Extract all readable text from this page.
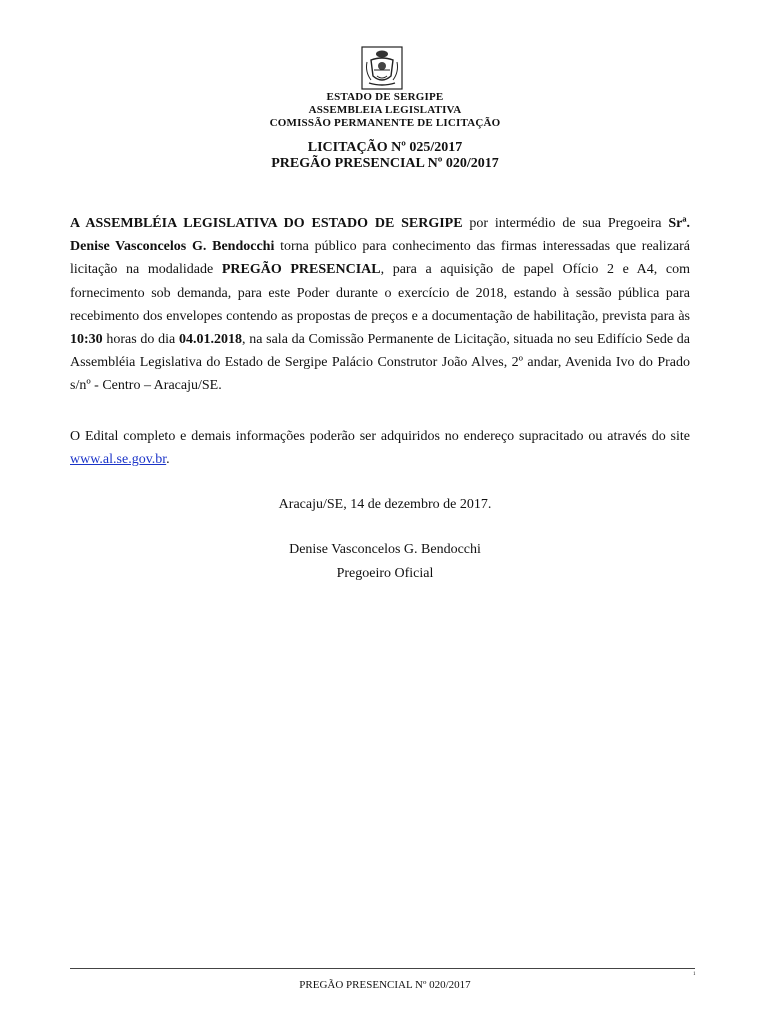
ESTADO DE SERGIPE
ASSEMBLEIA LEGISLATIVA
COMISSÃO PERMANENTE DE LICITAÇÃO
LICITAÇÃO Nº 025/2017
PREGÃO PRESENCIAL Nº 020/2017
A ASSEMBLÉIA LEGISLATIVA DO ESTADO DE SERGIPE por intermédio de sua Pregoeira Srª. Denise Vasconcelos G. Bendocchi torna público para conhecimento das firmas interessadas que realizará licitação na modalidade PREGÃO PRESENCIAL, para a aquisição de papel Ofício 2 e A4, com fornecimento sob demanda, para este Poder durante o exercício de 2018, estando à sessão pública para recebimento dos envelopes contendo as propostas de preços e a documentação de habilitação, prevista para às 10:30 horas do dia 04.01.2018, na sala da Comissão Permanente de Licitação, situada no seu Edifício Sede da Assembléia Legislativa do Estado de Sergipe Palácio Construtor João Alves, 2º andar, Avenida Ivo do Prado s/nº - Centro – Aracaju/SE.
O Edital completo e demais informações poderão ser adquiridos no endereço supracitado ou através do site www.al.se.gov.br.
Aracaju/SE, 14 de dezembro de 2017.
Denise Vasconcelos G. Bendocchi
Pregoeiro Oficial
1
PREGÃO PRESENCIAL Nº 020/2017
